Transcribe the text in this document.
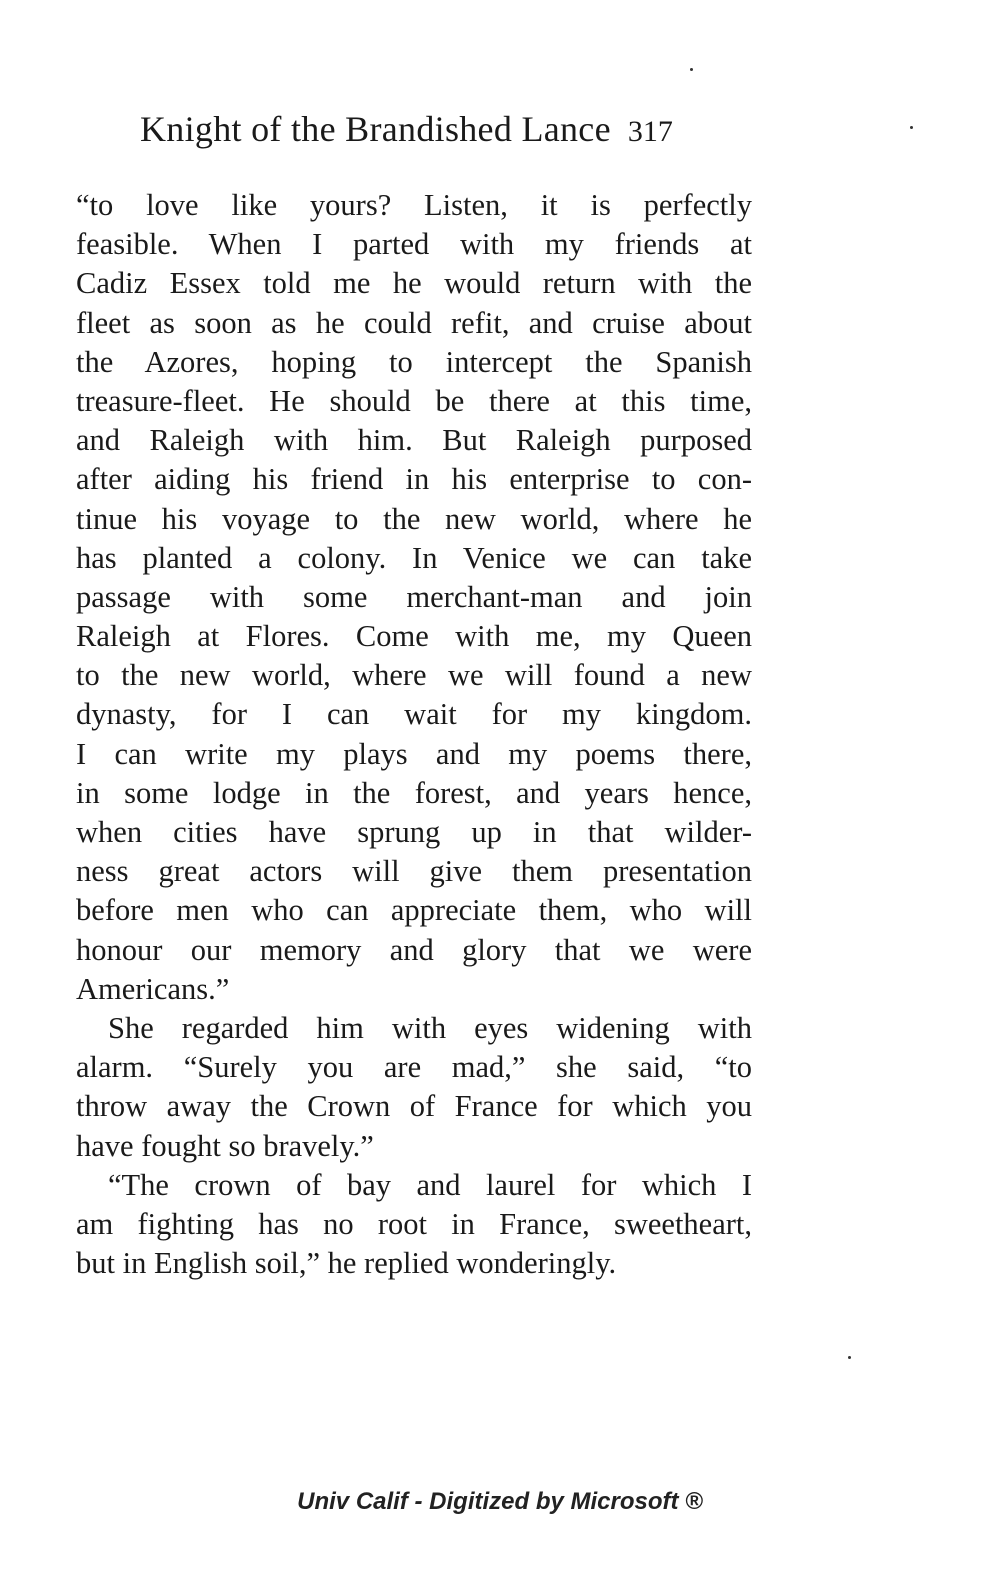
Knight of the Brandished Lance 317
“to love like yours? Listen, it is perfectly
feasible. When I parted with my friends at
Cadiz Essex told me he would return with the
fleet as soon as he could refit, and cruise about
the Azores, hoping to intercept the Spanish
treasure-fleet. He should be there at this time,
and Raleigh with him. But Raleigh purposed
after aiding his friend in his enterprise to con-
tinue his voyage to the new world, where he
has planted a colony. In Venice we can take
passage with some merchant-man and join
Raleigh at Flores. Come with me, my Queen
to the new world, where we will found a new
dynasty, for I can wait for my kingdom.
I can write my plays and my poems there,
in some lodge in the forest, and years hence,
when cities have sprung up in that wilder-
ness great actors will give them presentation
before men who can appreciate them, who will
honour our memory and glory that we were
Americans.”
She regarded him with eyes widening with
alarm. “Surely you are mad,” she said, “to
throw away the Crown of France for which you
have fought so bravely.”
“The crown of bay and laurel for which I
am fighting has no root in France, sweetheart,
but in English soil,” he replied wonderingly.
Univ Calif - Digitized by Microsoft ®
